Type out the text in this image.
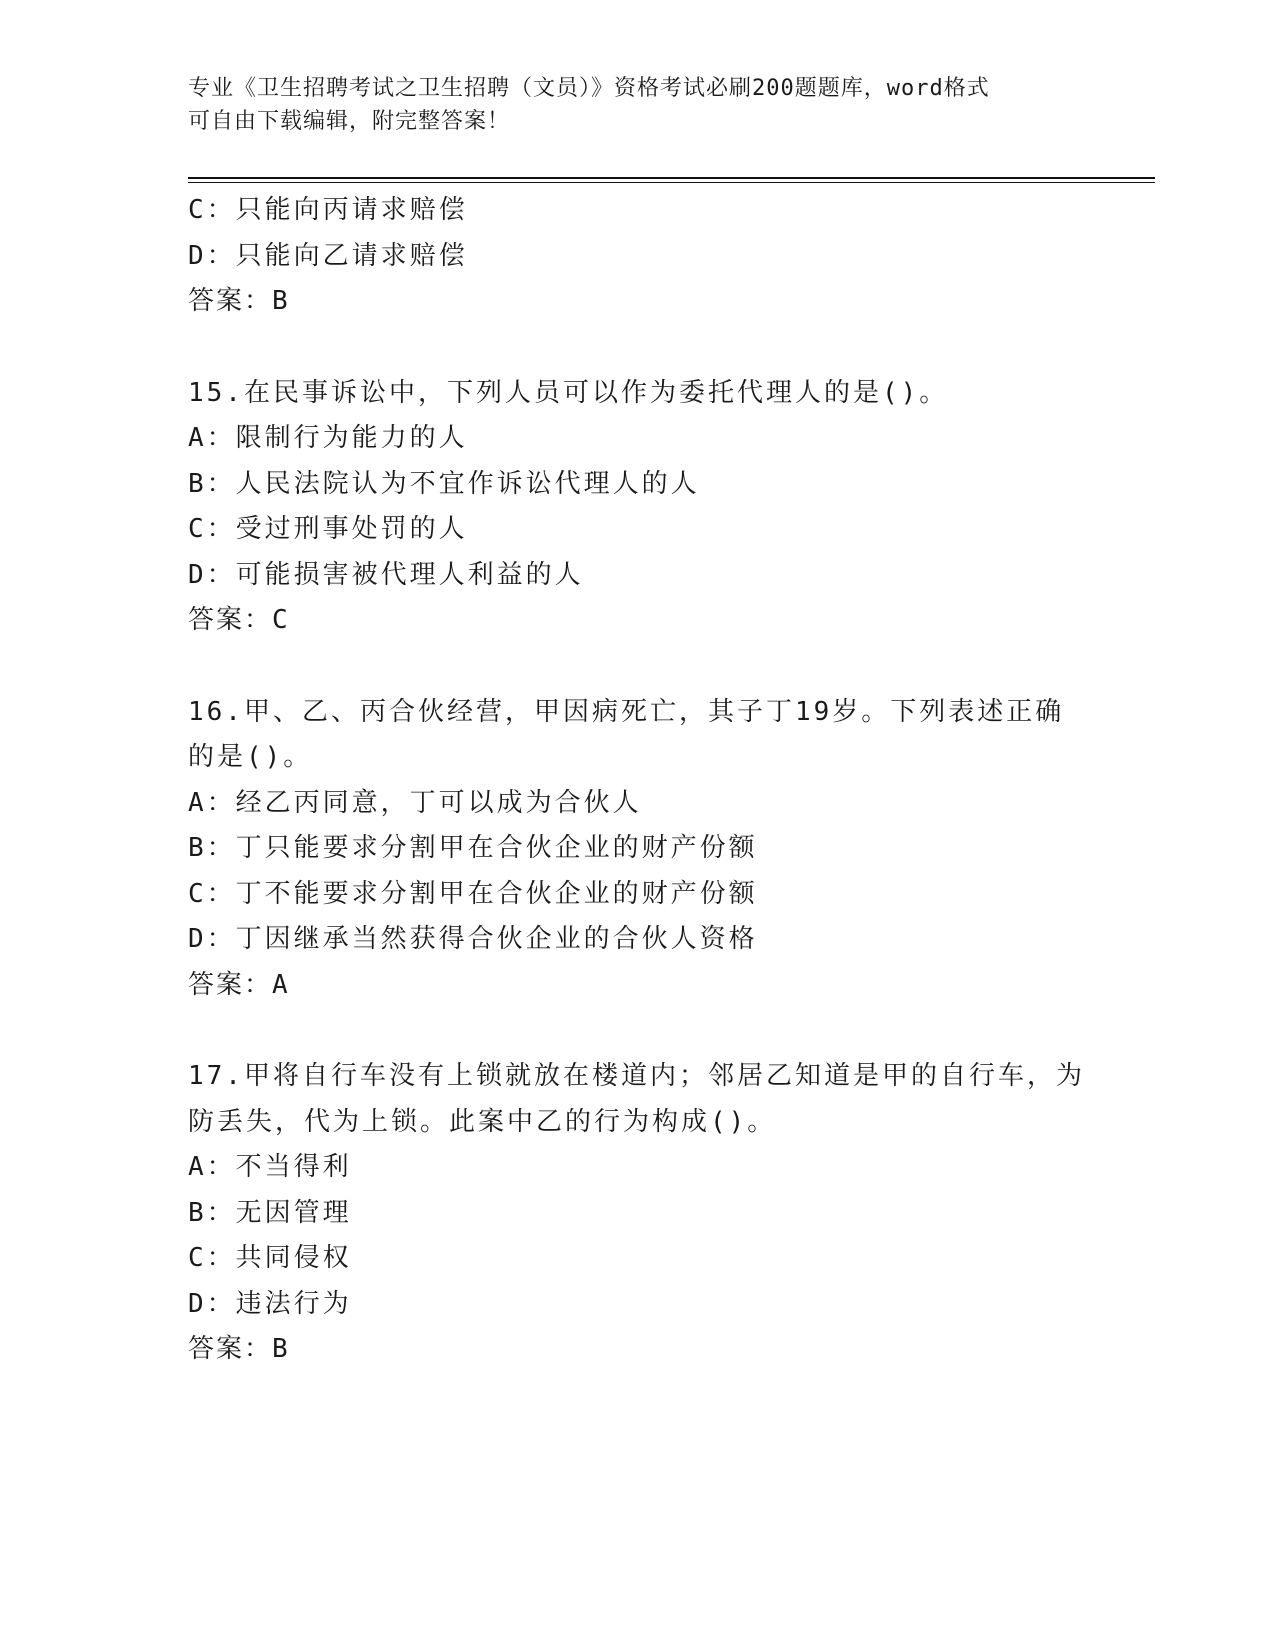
专业《卫生招聘考试之卫生招聘（文员）》资格考试必刷200题题库，word格式
可自由下载编辑，附完整答案！
C：只能向丙请求赔偿
D：只能向乙请求赔偿
答案：B
15.在民事诉讼中，下列人员可以作为委托代理人的是()。
A：限制行为能力的人
B：人民法院认为不宜作诉讼代理人的人
C：受过刑事处罚的人
D：可能损害被代理人利益的人
答案：C
16.甲、乙、丙合伙经营，甲因病死亡，其子丁19岁。下列表述正确
的是()。
A：经乙丙同意，丁可以成为合伙人
B：丁只能要求分割甲在合伙企业的财产份额
C：丁不能要求分割甲在合伙企业的财产份额
D：丁因继承当然获得合伙企业的合伙人资格
答案：A
17.甲将自行车没有上锁就放在楼道内；邻居乙知道是甲的自行车，为
防丢失，代为上锁。此案中乙的行为构成()。
A：不当得利
B：无因管理
C：共同侵权
D：违法行为
答案：B
